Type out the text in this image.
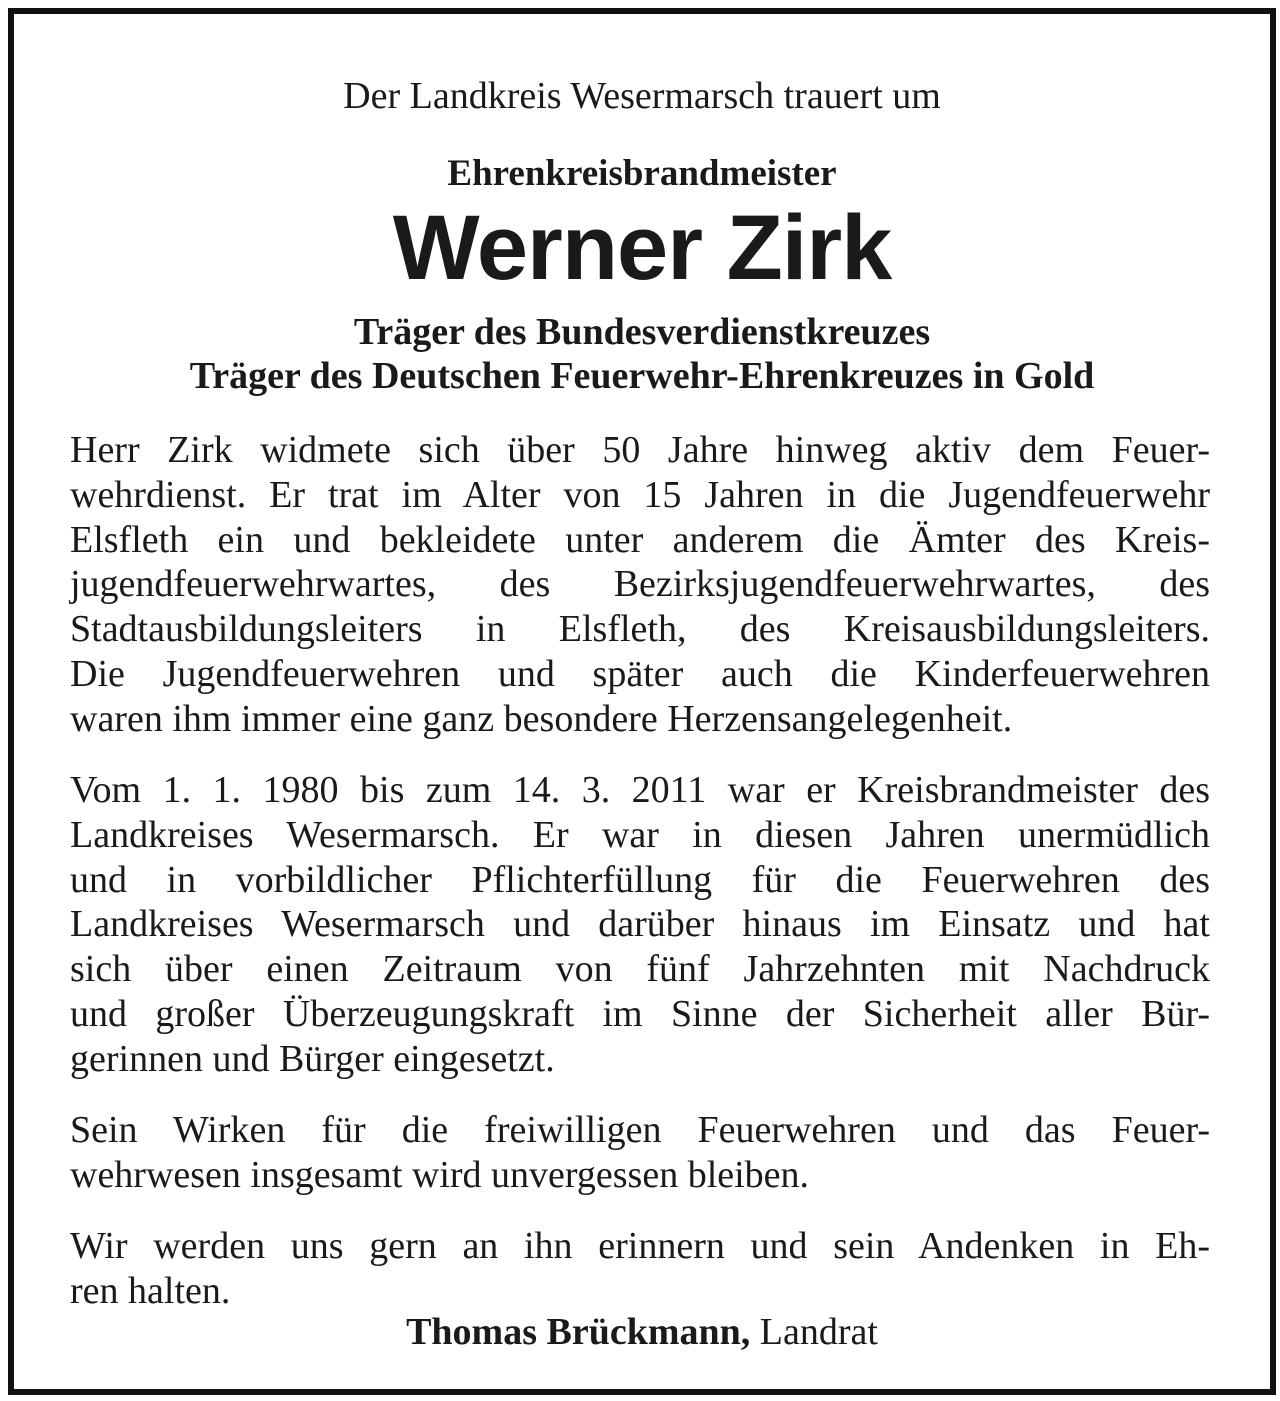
Der Landkreis Wesermarsch trauert um
Ehrenkreisbrandmeister
Werner Zirk
Träger des Bundesverdienstkreuzes
Träger des Deutschen Feuerwehr-Ehrenkreuzes in Gold
Herr Zirk widmete sich über 50 Jahre hinweg aktiv dem Feuer-
wehrdienst. Er trat im Alter von 15 Jahren in die Jugendfeuerwehr
Elsfleth ein und bekleidete unter anderem die Ämter des Kreis-
jugendfeuerwehrwartes, des Bezirksjugendfeuerwehrwartes, des
Stadtausbildungsleiters in Elsfleth, des Kreisausbildungsleiters.
Die Jugendfeuerwehren und später auch die Kinderfeuerwehren
waren ihm immer eine ganz besondere Herzensangelegenheit.
Vom 1. 1. 1980 bis zum 14. 3. 2011 war er Kreisbrandmeister des
Landkreises Wesermarsch. Er war in diesen Jahren unermüdlich
und in vorbildlicher Pflichterfüllung für die Feuerwehren des
Landkreises Wesermarsch und darüber hinaus im Einsatz und hat
sich über einen Zeitraum von fünf Jahrzehnten mit Nachdruck
und großer Überzeugungskraft im Sinne der Sicherheit aller Bür-
gerinnen und Bürger eingesetzt.
Sein Wirken für die freiwilligen Feuerwehren und das Feuer-
wehrwesen insgesamt wird unvergessen bleiben.
Wir werden uns gern an ihn erinnern und sein Andenken in Eh-
ren halten.
Thomas Brückmann, Landrat
